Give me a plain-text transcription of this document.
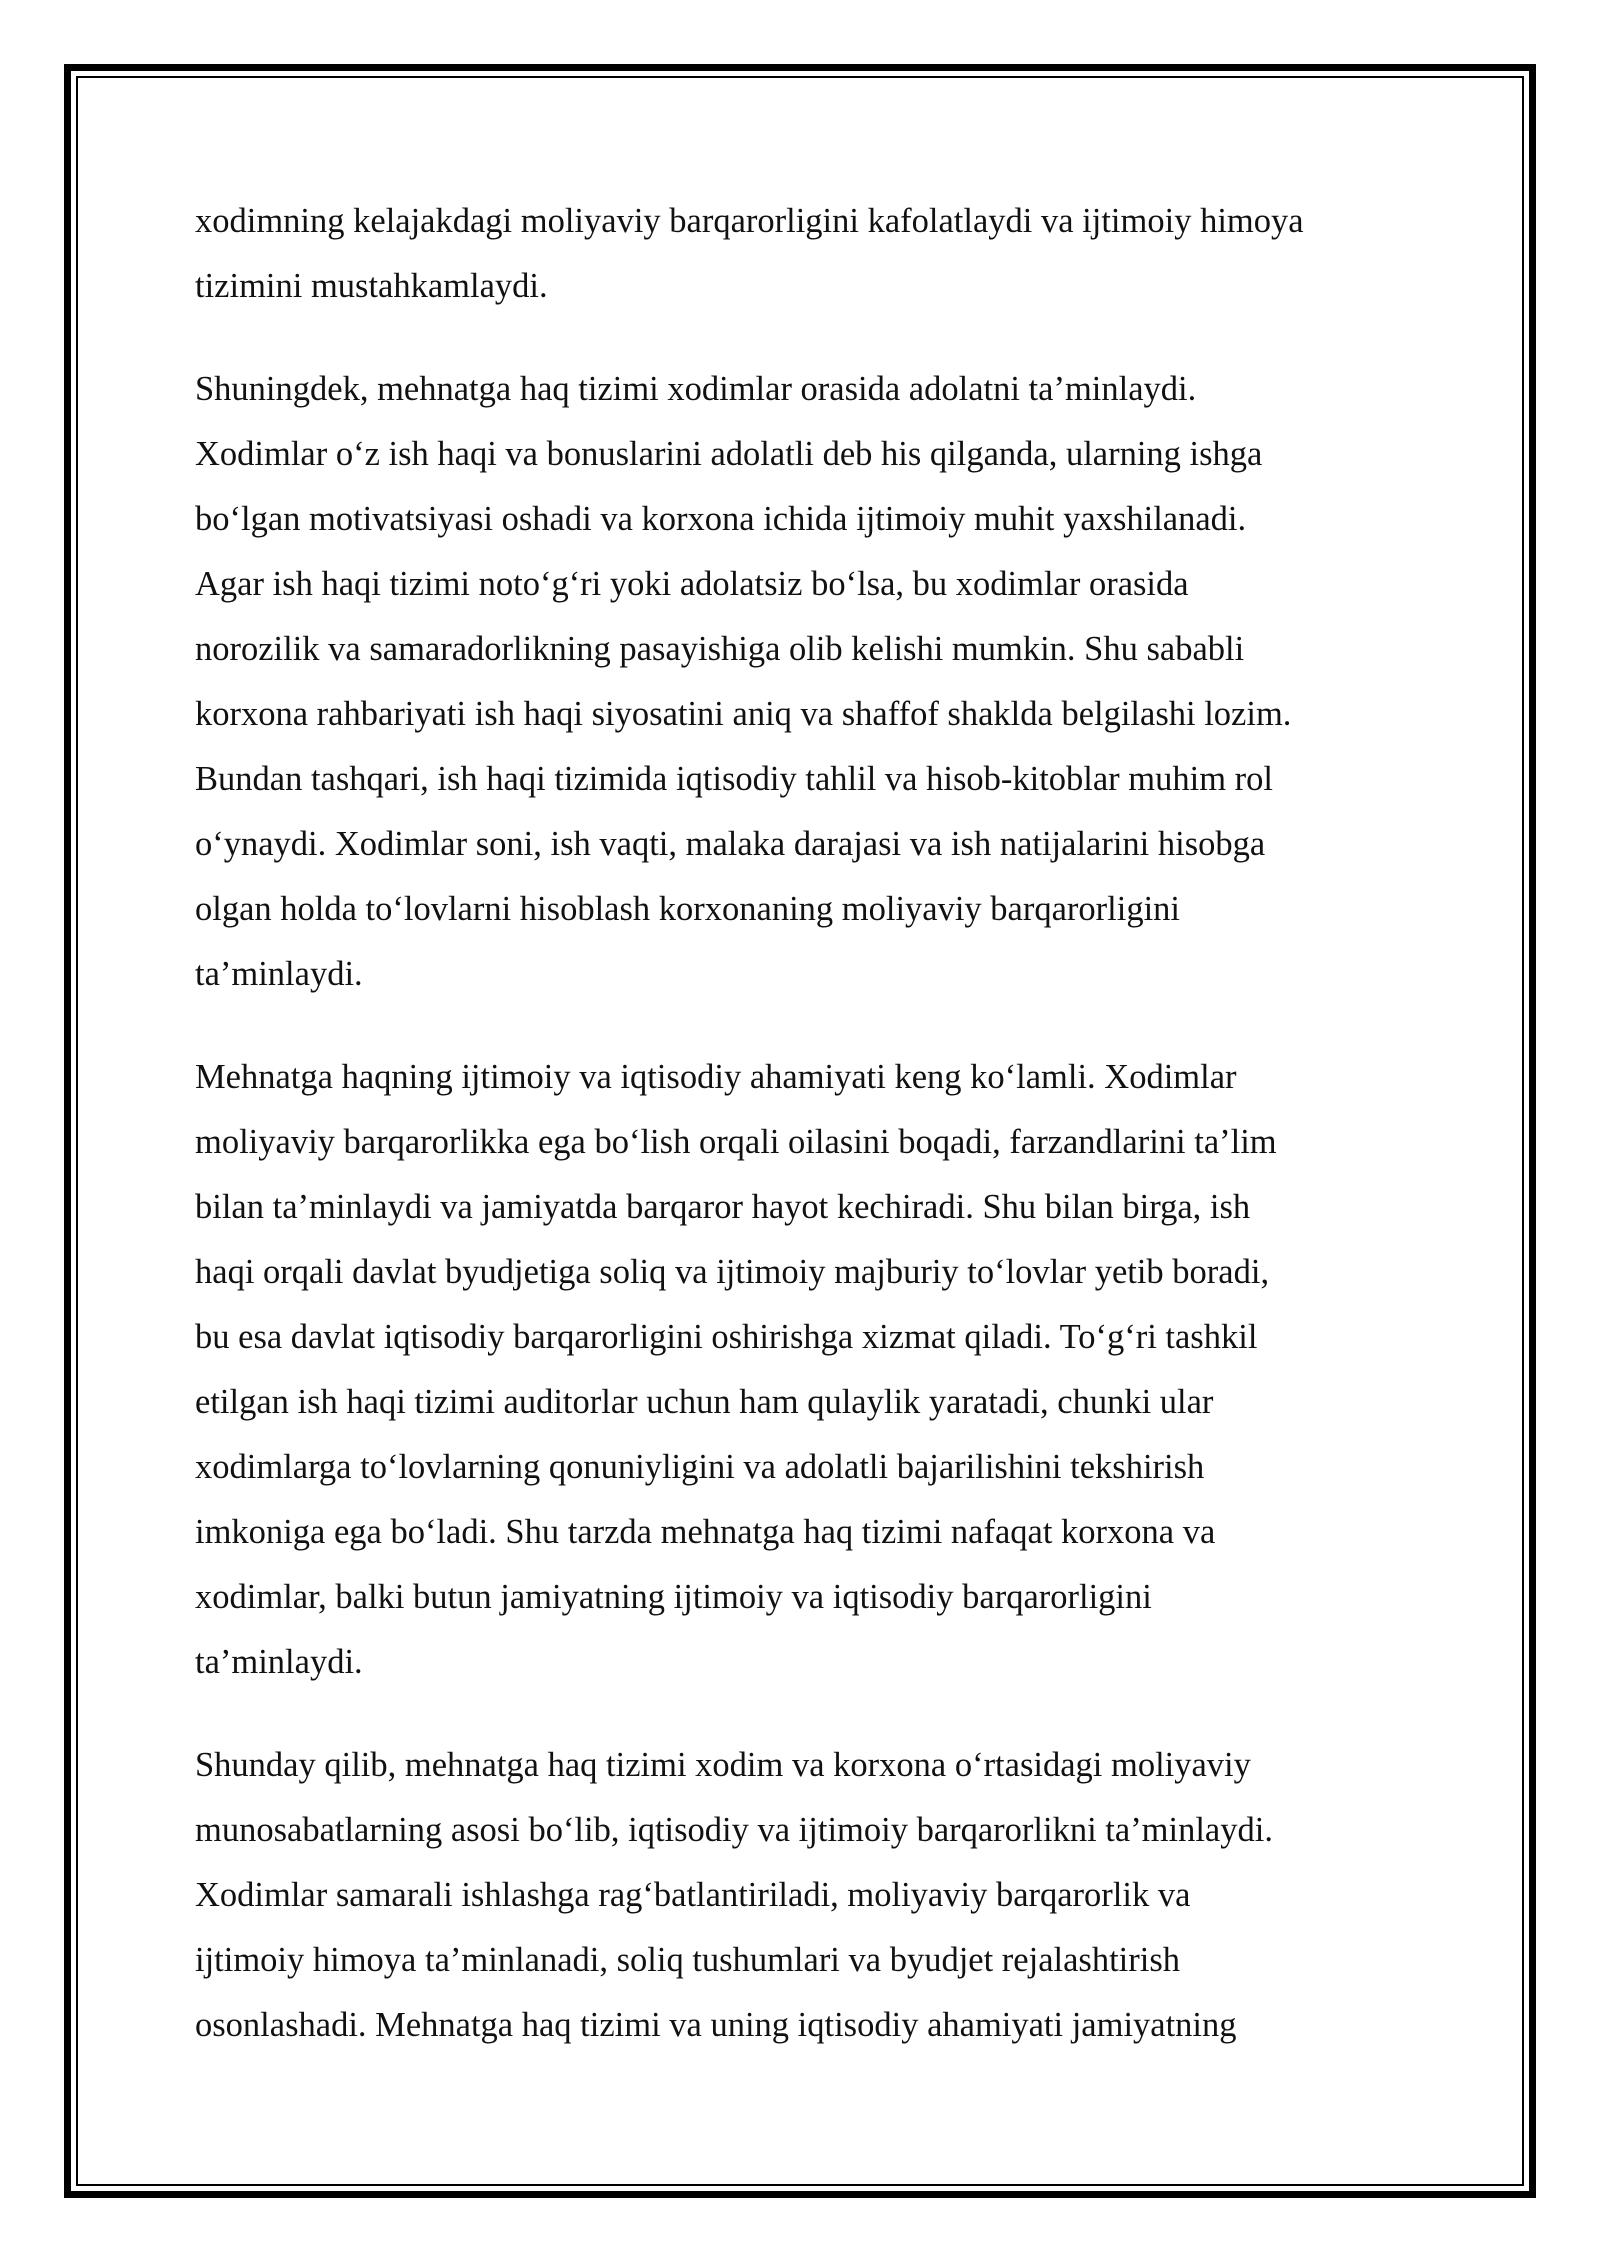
xodimning kelajakdagi moliyaviy barqarorligini kafolatlaydi va ijtimoiy himoya
tizimini mustahkamlaydi.

Shuningdek, mehnatga haq tizimi xodimlar orasida adolatni ta’minlaydi.
Xodimlar o‘z ish haqi va bonuslarini adolatli deb his qilganda, ularning ishga
bo‘lgan motivatsiyasi oshadi va korxona ichida ijtimoiy muhit yaxshilanadi.
Agar ish haqi tizimi noto‘g‘ri yoki adolatsiz bo‘lsa, bu xodimlar orasida
norozilik va samaradorlikning pasayishiga olib kelishi mumkin. Shu sababli
korxona rahbariyati ish haqi siyosatini aniq va shaffof shaklda belgilashi lozim.
Bundan tashqari, ish haqi tizimida iqtisodiy tahlil va hisob-kitoblar muhim rol
o‘ynaydi. Xodimlar soni, ish vaqti, malaka darajasi va ish natijalarini hisobga
olgan holda to‘lovlarni hisoblash korxonaning moliyaviy barqarorligini
ta’minlaydi.

Mehnatga haqning ijtimoiy va iqtisodiy ahamiyati keng ko‘lamli. Xodimlar
moliyaviy barqarorlikka ega bo‘lish orqali oilasini boqadi, farzandlarini ta’lim
bilan ta’minlaydi va jamiyatda barqaror hayot kechiradi. Shu bilan birga, ish
haqi orqali davlat byudjetiga soliq va ijtimoiy majburiy to‘lovlar yetib boradi,
bu esa davlat iqtisodiy barqarorligini oshirishga xizmat qiladi. To‘g‘ri tashkil
etilgan ish haqi tizimi auditorlar uchun ham qulaylik yaratadi, chunki ular
xodimlarga to‘lovlarning qonuniyligini va adolatli bajarilishini tekshirish
imkoniga ega bo‘ladi. Shu tarzda mehnatga haq tizimi nafaqat korxona va
xodimlar, balki butun jamiyatning ijtimoiy va iqtisodiy barqarorligini
ta’minlaydi.

Shunday qilib, mehnatga haq tizimi xodim va korxona o‘rtasidagi moliyaviy
munosabatlarning asosi bo‘lib, iqtisodiy va ijtimoiy barqarorlikni ta’minlaydi.
Xodimlar samarali ishlashga rag‘batlantiriladi, moliyaviy barqarorlik va
ijtimoiy himoya ta’minlanadi, soliq tushumlari va byudjet rejalashtirish
osonlashadi. Mehnatga haq tizimi va uning iqtisodiy ahamiyati jamiyatning
